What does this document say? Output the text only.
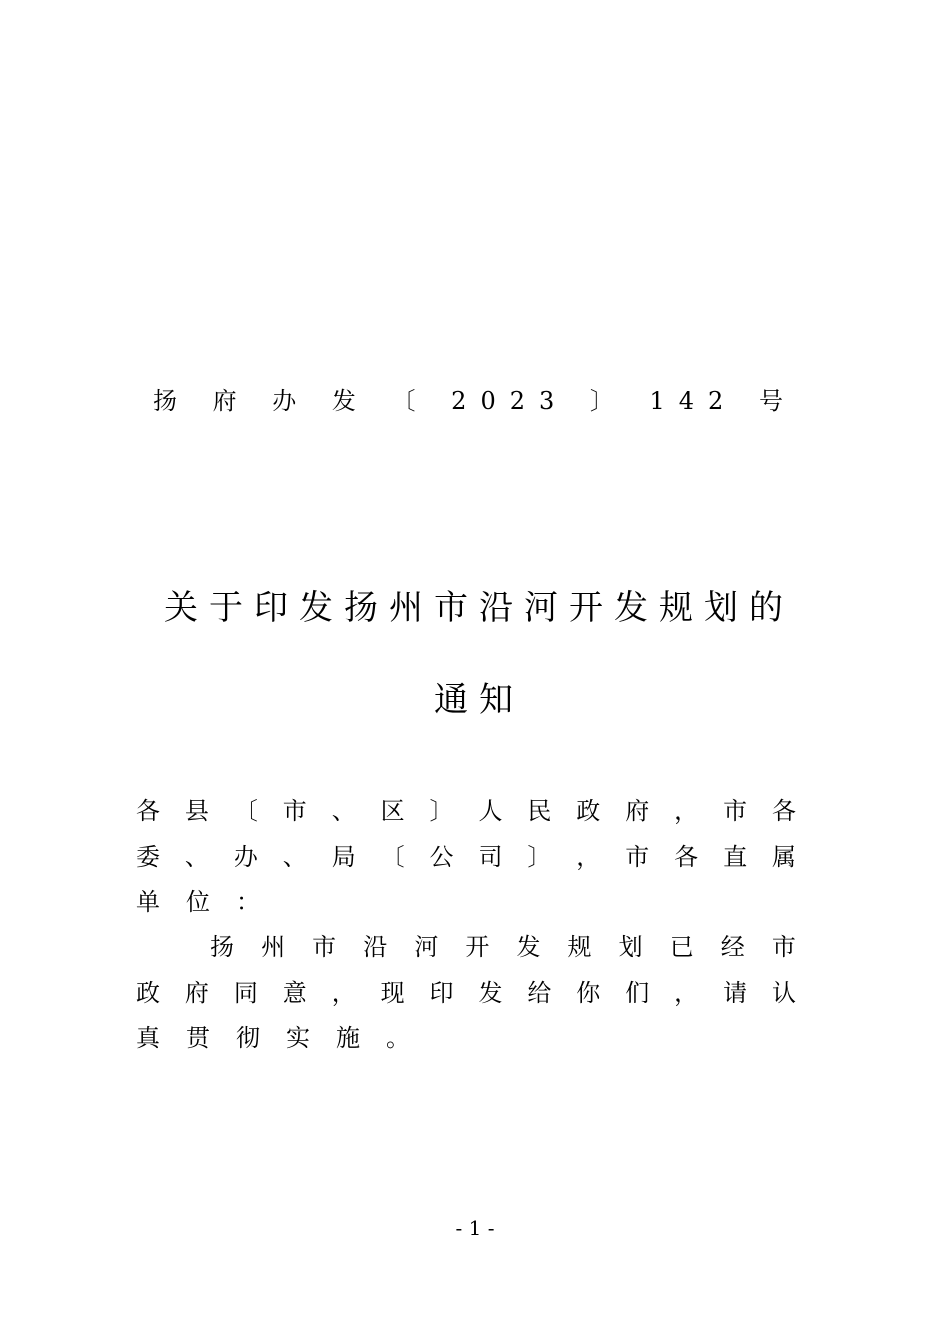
扬 府 办 发 〔 2023 〕 142 号
关于印发扬州市沿河开发规划的
通知
各 县 〔 市 、 区 〕 人 民 政 府 ， 市 各
委 、 办 、 局 〔 公 司 〕 ， 市 各 直 属
单 位 ：
扬 州 市 沿 河 开 发 规 划 已 经 市
政 府 同 意 ， 现 印 发 给 你 们 ， 请 认
真 贯 彻 实 施 。
- 1 -
